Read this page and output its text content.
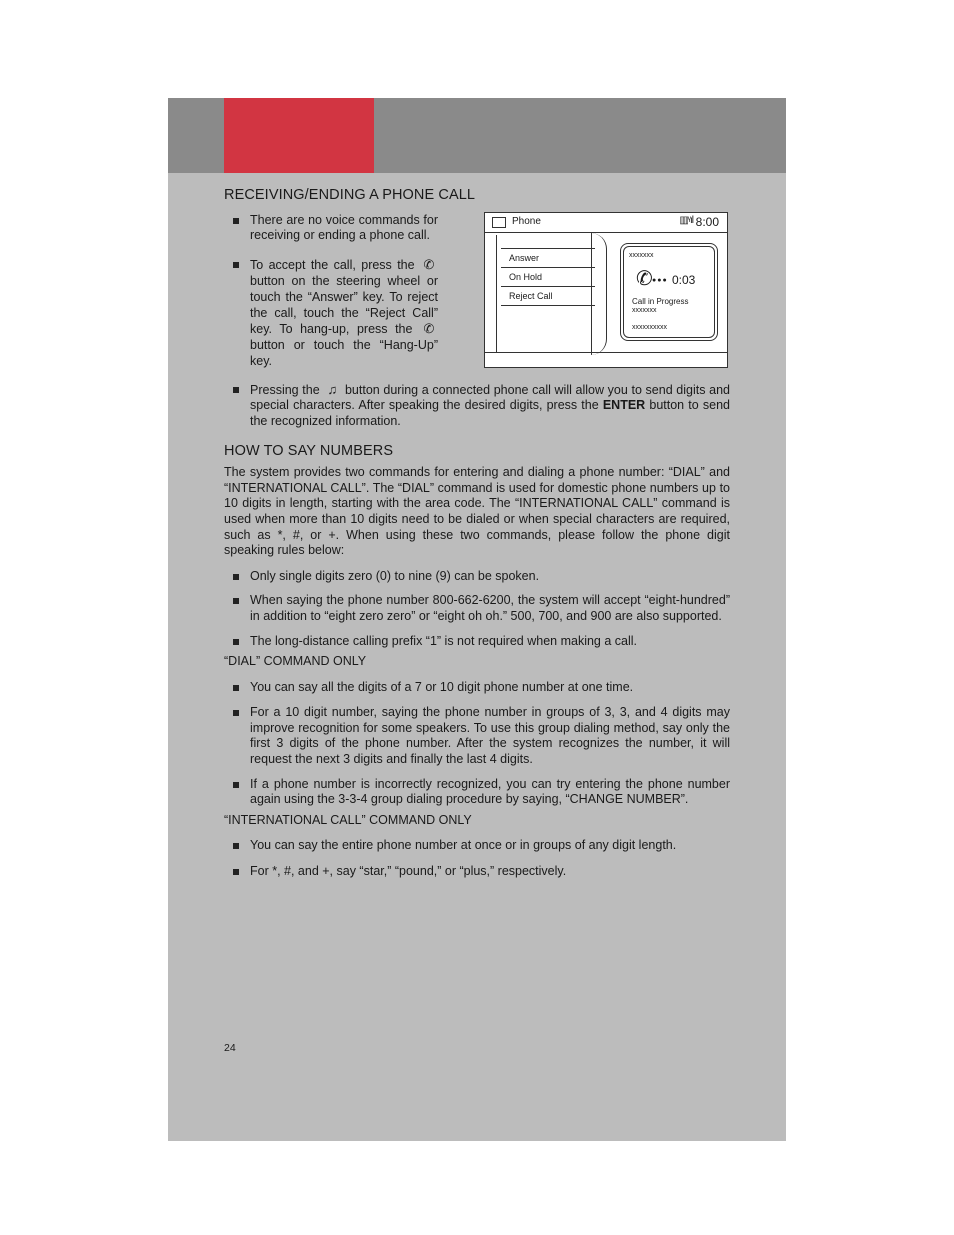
Phone	▥ᵞıl 8:00
Answer
On Hold
Reject Call
xxxxxxx
✆ ●●● 0:03
Call in Progress
xxxxxxx
xxxxxxxxxx
RECEIVING/ENDING A PHONE CALL
There are no voice commands for receiving or ending a phone call.
To accept the call, press the ✆ button on the steering wheel or touch the “Answer” key. To reject the call, touch the “Reject Call” key. To hang-up, press the ✆ button or touch the “Hang-Up” key.
Pressing the ♫ button during a connected phone call will allow you to send digits and special characters. After speaking the desired digits, press the ENTER button to send the recognized information.
HOW TO SAY NUMBERS
The system provides two commands for entering and dialing a phone number: “DIAL” and “INTERNATIONAL CALL”. The “DIAL” command is used for domestic phone numbers up to 10 digits in length, starting with the area code. The “INTERNATIONAL CALL” command is used when more than 10 digits need to be dialed or when special characters are required, such as *, #, or +. When using these two commands, please follow the phone digit speaking rules below:
Only single digits zero (0) to nine (9) can be spoken.
When saying the phone number 800-662-6200, the system will accept “eight-hundred” in addition to “eight zero zero” or “eight oh oh.” 500, 700, and 900 are also supported.
The long-distance calling prefix “1” is not required when making a call.
“DIAL” COMMAND ONLY
You can say all the digits of a 7 or 10 digit phone number at one time.
For a 10 digit number, saying the phone number in groups of 3, 3, and 4 digits may improve recognition for some speakers. To use this group dialing method, say only the first 3 digits of the phone number. After the system recognizes the number, it will request the next 3 digits and finally the last 4 digits.
If a phone number is incorrectly recognized, you can try entering the phone number again using the 3-3-4 group dialing procedure by saying, “CHANGE NUMBER”.
“INTERNATIONAL CALL” COMMAND ONLY
You can say the entire phone number at once or in groups of any digit length.
For *, #, and +, say “star,” “pound,” or “plus,” respectively.
24
